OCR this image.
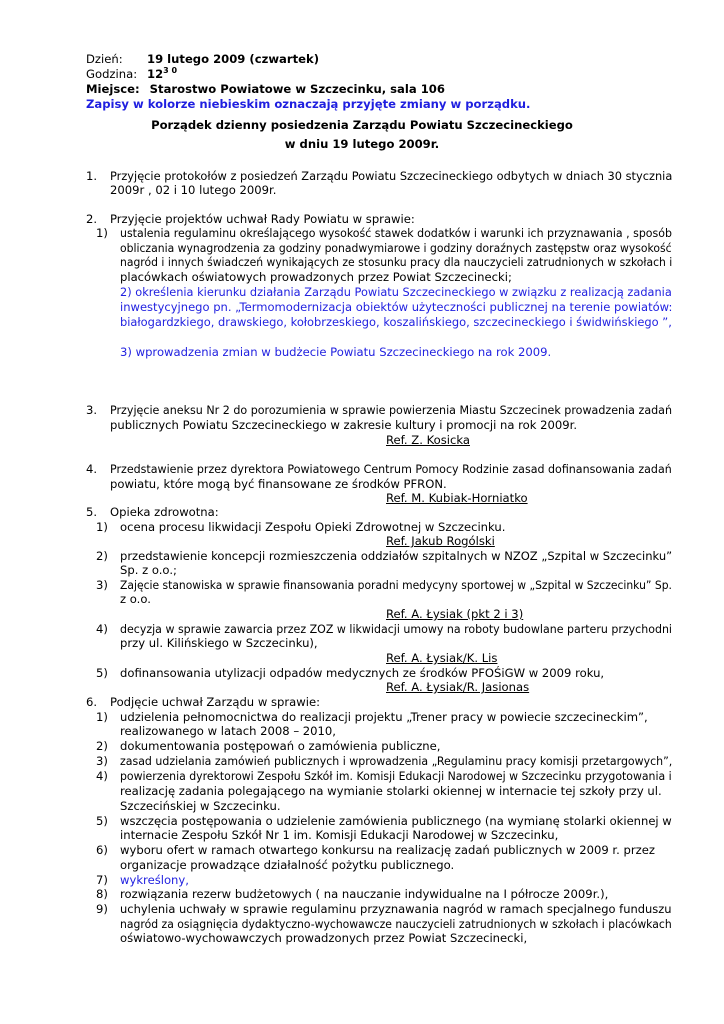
Dzień: 19 lutego 2009 (czwartek)
Godzina: $12^{3 0}$
Miejsce: Starostwo Powiatowe w Szczecinku, sala 106
Zapisy w kolorze niebieskim oznaczają przyjęte zmiany w porządku.
Porządek dzienny posiedzenia Zarządu Powiatu Szczecineckiego
w dniu 19 lutego 2009r.
1. Przyjęcie protokołów z posiedzeń Zarządu Powiatu Szczecineckiego odbytych w dniach 30 stycznia
2009r , 02 i 10 lutego 2009r.
2. Przyjęcie projektów uchwał Rady Powiatu w sprawie:
1) ustalenia regulaminu określającego wysokość stawek dodatków i warunki ich przyznawania , sposób
obliczania wynagrodzenia za godziny ponadwymiarowe i godziny doraźnych zastępstw oraz wysokość
nagród i innych świadczeń wynikających ze stosunku pracy dla nauczycieli zatrudnionych w szkołach i
placówkach oświatowych prowadzonych przez Powiat Szczecinecki;
2) określenia kierunku działania Zarządu Powiatu Szczecineckiego w związku z realizacją zadania
inwestycyjnego pn. „Termomodernizacja obiektów użyteczności publicznej na terenie powiatów:
białogardzkiego, drawskiego, kołobrzeskiego, koszalińskiego, szczecineckiego i świdwińskiego ”,
3) wprowadzenia zmian w budżecie Powiatu Szczecineckiego na rok 2009.
3. Przyjęcie aneksu Nr 2 do porozumienia w sprawie powierzenia Miastu Szczecinek prowadzenia zadań
publicznych Powiatu Szczecineckiego w zakresie kultury i promocji na rok 2009r.
Ref. Z. Kosicka
4. Przedstawienie przez dyrektora Powiatowego Centrum Pomocy Rodzinie zasad dofinansowania zadań
powiatu, które mogą być finansowane ze środków PFRON.
Ref. M. Kubiak-Horniatko
5. Opieka zdrowotna:
1) ocena procesu likwidacji Zespołu Opieki Zdrowotnej w Szczecinku.
Ref. Jakub Rogólski
2) przedstawienie koncepcji rozmieszczenia oddziałów szpitalnych w NZOZ „Szpital w Szczecinku”
Sp. z o.o.;
3) Zajęcie stanowiska w sprawie finansowania poradni medycyny sportowej w „Szpital w Szczecinku” Sp.
z o.o.
Ref. A. Łysiak (pkt 2 i 3)
4) decyzja w sprawie zawarcia przez ZOZ w likwidacji umowy na roboty budowlane parteru przychodni
przy ul. Kilińskiego w Szczecinku),
Ref. A. Łysiak/K. Lis
5) dofinansowania utylizacji odpadów medycznych ze środków PFOŚiGW w 2009 roku,
Ref. A. Łysiak/R. Jasionas
6. Podjęcie uchwał Zarządu w sprawie:
1) udzielenia pełnomocnictwa do realizacji projektu „Trener pracy w powiecie szczecineckim”,
realizowanego w latach 2008 – 2010,
2) dokumentowania postępowań o zamówienia publiczne,
3) zasad udzielania zamówień publicznych i wprowadzenia „Regulaminu pracy komisji przetargowych”,
4) powierzenia dyrektorowi Zespołu Szkół im. Komisji Edukacji Narodowej w Szczecinku przygotowania i
realizację zadania polegającego na wymianie stolarki okiennej w internacie tej szkoły przy ul.
Szczecińskiej w Szczecinku.
5) wszczęcia postępowania o udzielenie zamówienia publicznego (na wymianę stolarki okiennej w
internacie Zespołu Szkół Nr 1 im. Komisji Edukacji Narodowej w Szczecinku,
6) wyboru ofert w ramach otwartego konkursu na realizację zadań publicznych w 2009 r. przez
organizacje prowadzące działalność pożytku publicznego.
7) wykreślony,
8) rozwiązania rezerw budżetowych ( na nauczanie indywidualne na I półrocze 2009r.),
9) uchylenia uchwały w sprawie regulaminu przyznawania nagród w ramach specjalnego funduszu
nagród za osiągnięcia dydaktyczno-wychowawcze nauczycieli zatrudnionych w szkołach i placówkach
oświatowo-wychowawczych prowadzonych przez Powiat Szczecinecki,
